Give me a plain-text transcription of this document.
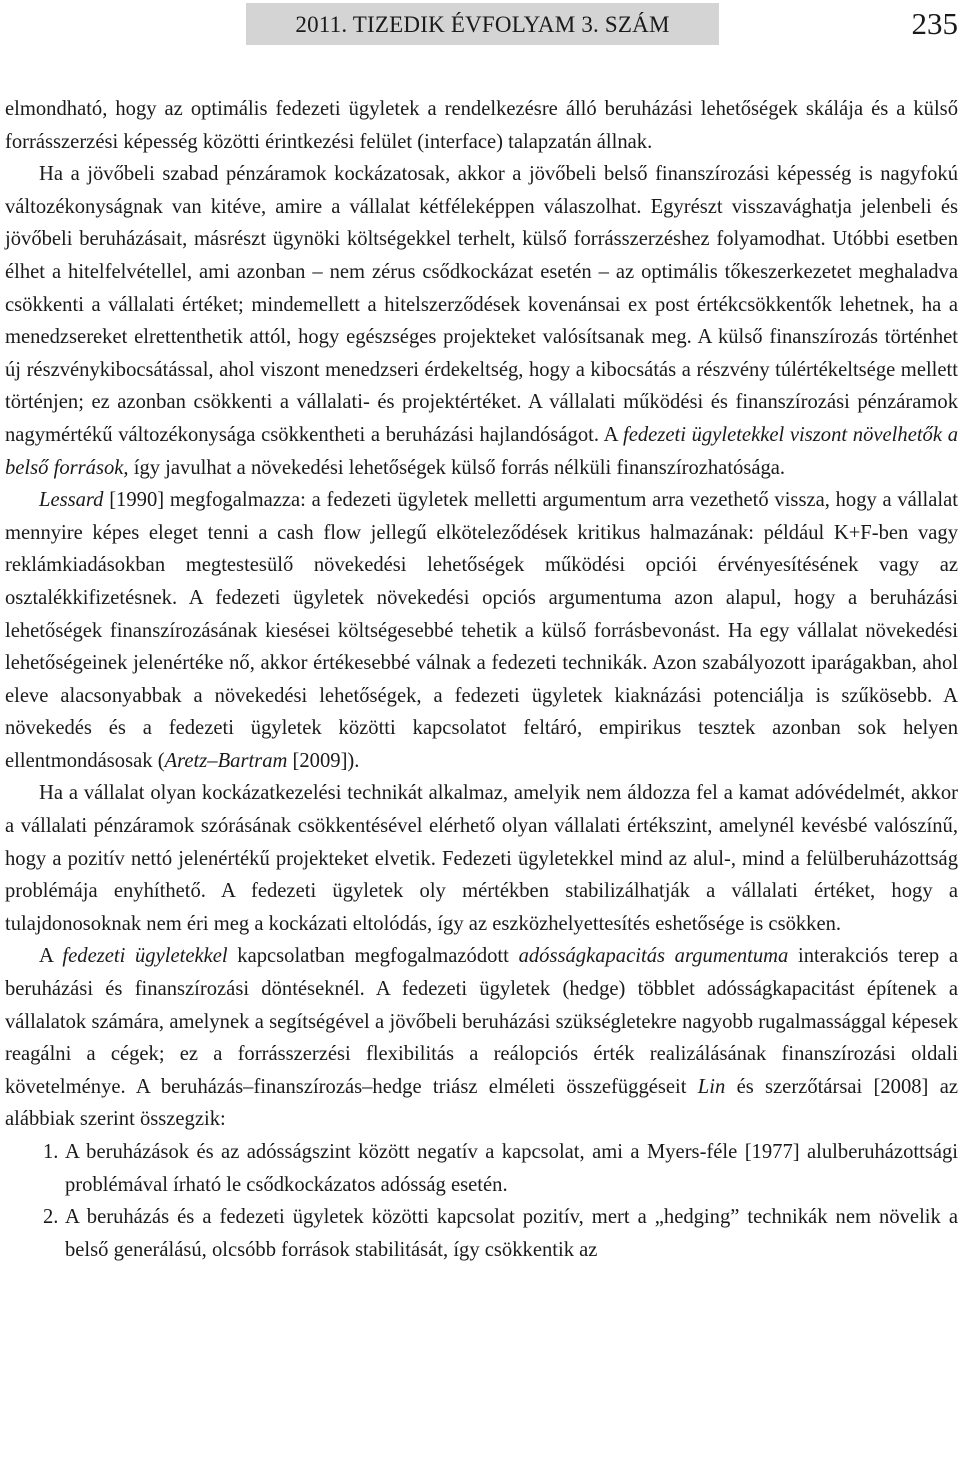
2011. TIZEDIK ÉVFOLYAM 3. SZÁM	235

elmondható, hogy az optimális fedezeti ügyletek a rendelkezésre álló beruházási lehetőségek skálája és a külső forrásszerzési képesség közötti érintkezési felület (interface) talapzatán állnak.

Ha a jövőbeli szabad pénzáramok kockázatosak, akkor a jövőbeli belső finanszírozási képesség is nagyfokú változékonyságnak van kitéve, amire a vállalat kétféleképpen válaszolhat. Egyrészt visszavághatja jelenbeli és jövőbeli beruházásait, másrészt ügynöki költségekkel terhelt, külső forrásszerzéshez folyamodhat. Utóbbi esetben élhet a hitelfelvétellel, ami azonban – nem zérus csődkockázat esetén – az optimális tőkeszerkezetet meghaladva csökkenti a vállalati értéket; mindemellett a hitelszerződések kovenánsai ex post értékcsökkentők lehetnek, ha a menedzsereket elrettenthetik attól, hogy egészséges projekteket valósítsanak meg. A külső finanszírozás történhet új részvénykibocsátással, ahol viszont menedzseri érdekeltség, hogy a kibocsátás a részvény túlértékeltsége mellett történjen; ez azonban csökkenti a vállalati- és projektértéket. A vállalati működési és finanszírozási pénzáramok nagymértékű változékonysága csökkentheti a beruházási hajlandóságot. A fedezeti ügyletekkel viszont növelhetők a belső források, így javulhat a növekedési lehetőségek külső forrás nélküli finanszírozhatósága.

Lessard [1990] megfogalmazza: a fedezeti ügyletek melletti argumentum arra vezethető vissza, hogy a vállalat mennyire képes eleget tenni a cash flow jellegű elköteleződések kritikus halmazának: például K+F-ben vagy reklámkiadásokban megtestesülő növekedési lehetőségek működési opciói érvényesítésének vagy az osztalékkifizetésnek. A fedezeti ügyletek növekedési opciós argumentuma azon alapul, hogy a beruházási lehetőségek finanszírozásának kiesései költségesebbé tehetik a külső forrásbevonást. Ha egy vállalat növekedési lehetőségeinek jelenértéke nő, akkor értékesebbé válnak a fedezeti technikák. Azon szabályozott iparágakban, ahol eleve alacsonyabbak a növekedési lehetőségek, a fedezeti ügyletek kiaknázási potenciálja is szűkösebb. A növekedés és a fedezeti ügyletek közötti kapcsolatot feltáró, empirikus tesztek azonban sok helyen ellentmondásosak (Aretz–Bartram [2009]).

Ha a vállalat olyan kockázatkezelési technikát alkalmaz, amelyik nem áldozza fel a kamat adóvédelmét, akkor a vállalati pénzáramok szórásának csökkentésével elérhető olyan vállalati értékszint, amelynél kevésbé valószínű, hogy a pozitív nettó jelenértékű projekteket elvetik. Fedezeti ügyletekkel mind az alul-, mind a felülberuházottság problémája enyhíthető. A fedezeti ügyletek oly mértékben stabilizálhatják a vállalati értéket, hogy a tulajdonosoknak nem éri meg a kockázati eltolódás, így az eszközhelyettesítés eshetősége is csökken.

A fedezeti ügyletekkel kapcsolatban megfogalmazódott adósságkapacitás argumentuma interakciós terep a beruházási és finanszírozási döntéseknél. A fedezeti ügyletek (hedge) többlet adósságkapacitást építenek a vállalatok számára, amelynek a segítségével a jövőbeli beruházási szükségletekre nagyobb rugalmassággal képesek reagálni a cégek; ez a forrásszerzési flexibilitás a reálopciós érték realizálásának finanszírozási oldali követelménye. A beruházás–finanszírozás–hedge triász elméleti összefüggéseit Lin és szerzőtársai [2008] az alábbiak szerint összegzik:

1. A beruházások és az adósságszint között negatív a kapcsolat, ami a Myers-féle [1977] alulberuházottsági problémával írható le csődkockázatos adósság esetén.
2. A beruházás és a fedezeti ügyletek közötti kapcsolat pozitív, mert a „hedging” technikák nem növelik a belső generálású, olcsóbb források stabilitását, így csökkentik az
